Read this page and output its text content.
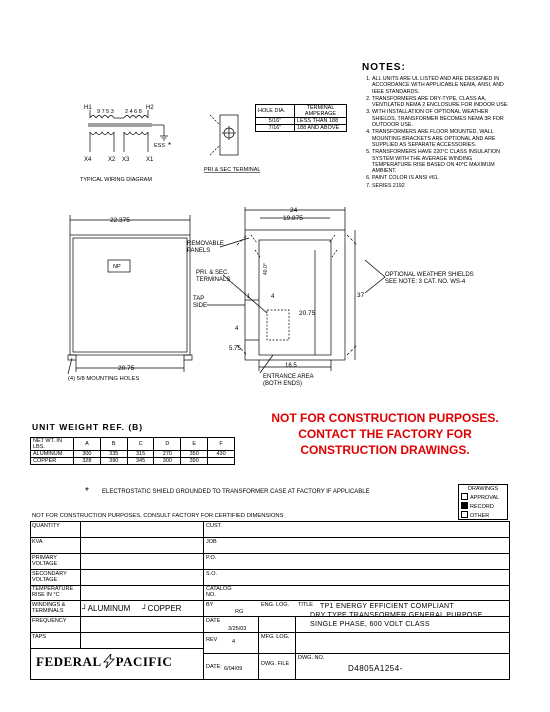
NOTES:
1. ALL UNITS ARE UL LISTED AND ARE DESIGNED IN ACCORDANCE WITH APPLICABLE NEMA, ANSI, AND IEEE STANDARDS.
2. TRANSFORMERS ARE DRY-TYPE, CLASS AA, VENTILATED NEMA 2 ENCLOSURE FOR INDOOR USE.
3. WITH INSTALLATION OF OPTIONAL WEATHER SHIELDS, TRANSFORMER BECOMES NEMA 3R FOR OUTDOOR USE.
4. TRANSFORMERS ARE FLOOR MOUNTED. WALL MOUNTING BRACKETS ARE OPTIONAL AND ARE SUPPLIED AS SEPARATE ACCESSORIES.
5. TRANSFORMERS HAVE 220°C CLASS INSULATION SYSTEM WITH THE AVERAGE WINDING TEMPERATURE RISE BASED ON 40°C MAXIMUM AMBIENT.
6. PAINT COLOR IS ANSI #61.
7. SERIES 2192
H1	H2
9 7 5 3 2 4 6 8
ESS *
X4	X2 X3	X1
TYPICAL WIRING DIAGRAM
PRI & SEC TERMINAL
HOLE DIA.	TERMINAL AMPERAGE
5/16"	LESS THAN 188
7/16"	188 AND ABOVE
22.375
NP
20.75
(4) 5/8 MOUNTING HOLES
24
19.875
40.0°
20.75
37
1	4
4
5.75
16.5
REMOVABLE PANELS
PRI. & SEC. TERMINALS
TAP SIDE
ENTRANCE AREA (BOTH ENDS)
OPTIONAL WEATHER SHIELDS SEE NOTE: 3 CAT. NO. WS-4
UNIT WEIGHT REF. (B)
NET WT. IN LBS.	A	B	C	D	E	F
ALUMINUM	300	335	315	270	350	430
COPPER	328	390	345	300	390	
NOT FOR CONSTRUCTION PURPOSES.
CONTACT THE FACTORY FOR
CONSTRUCTION DRAWINGS.
* ELECTROSTATIC SHIELD GROUNDED TO TRANSFORMER CASE AT FACTORY IF APPLICABLE	DRAWINGS
APPROVAL
RECORD
OTHER
NOT FOR CONSTRUCTION PURPOSES. CONSULT FACTORY FOR CERTIFIED DIMENSIONS
QUANTITY
KVA
PRIMARY VOLTAGE
SECONDARY VOLTAGE
TEMPERATURE RISE IN °C
WINDINGS & TERMINALS
FREQUENCY
TAPS
┘ALUMINUM ┘COPPER
CUST.
JOB
P.O.
S.O.
CATALOG NO.
BY
RG
ENG. LOG.
DATE
3/25/03
REV	4
MFG. LOG.
DATE: 6/04/09
DWG. FILE
TITLE	TP1 ENERGY EFFICIENT COMPLIANT
DRY TYPE TRANSFORMER GENERAL PURPOSE
SINGLE PHASE, 600 VOLT CLASS
DWG. NO.
D4805A1254-
FEDERAL PACIFIC
